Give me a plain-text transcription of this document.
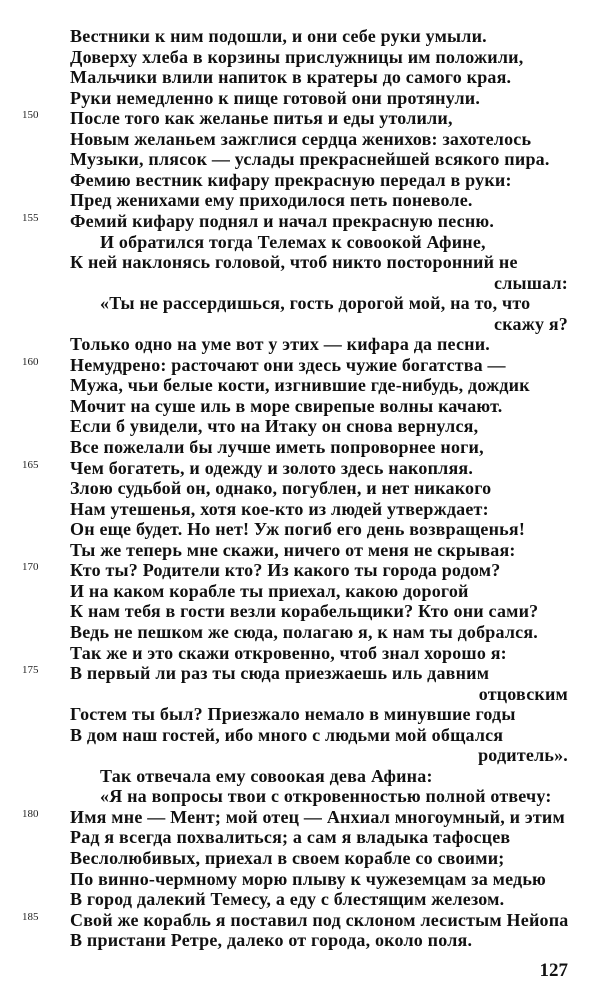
Вестники к ним подошли, и они себе руки умыли.
Доверху хлеба в корзины прислужницы им положили,
Мальчики влили напиток в кратеры до самого края.
Руки немедленно к пище готовой они протянули.
После того как желанье питья и еды утолили,
150
Новым желаньем зажглися сердца женихов: захотелось
Музыки, плясок — услады прекраснейшей всякого пира.
Фемию вестник кифару прекрасную передал в руки:
Пред женихами ему приходилося петь поневоле.
Фемий кифару поднял и начал прекрасную песню.
155
И обратился тогда Телемах к совоокой Афине,
К ней наклонясь головой, чтоб никто посторонний не
слышал:
«Ты не рассердишься, гость дорогой мой, на то, что
скажу я?
Только одно на уме вот у этих — кифара да песни.
Немудрено: расточают они здесь чужие богатства —
160
Мужа, чьи белые кости, изгнившие где-нибудь, дождик
Мочит на суше иль в море свирепые волны качают.
Если б увидели, что на Итаку он снова вернулся,
Все пожелали бы лучше иметь попроворнее ноги,
Чем богатеть, и одежду и золото здесь накопляя.
165
Злою судьбой он, однако, погублен, и нет никакого
Нам утешенья, хотя кое-кто из людей утверждает:
Он еще будет. Но нет! Уж погиб его день возвращенья!
Ты же теперь мне скажи, ничего от меня не скрывая:
Кто ты? Родители кто? Из какого ты города родом?
170
И на каком корабле ты приехал, какою дорогой
К нам тебя в гости везли корабельщики? Кто они сами?
Ведь не пешком же сюда, полагаю я, к нам ты добрался.
Так же и это скажи откровенно, чтоб знал хорошо я:
В первый ли раз ты сюда приезжаешь иль давним
175
отцовским
Гостем ты был? Приезжало немало в минувшие годы
В дом наш гостей, ибо много с людьми мой общался
родитель».
Так отвечала ему совоокая дева Афина:
«Я на вопросы твои с откровенностью полной отвечу:
Имя мне — Мент; мой отец — Анхиал многоумный, и этим
180
Рад я всегда похвалиться; а сам я владыка тафосцев
Веслолюбивых, приехал в своем корабле со своими;
По винно-чермному морю плыву к чужеземцам за медью
В город далекий Темесу, а еду с блестящим железом.
Свой же корабль я поставил под склоном лесистым Нейопа
185
В пристани Ретре, далеко от города, около поля.
127
